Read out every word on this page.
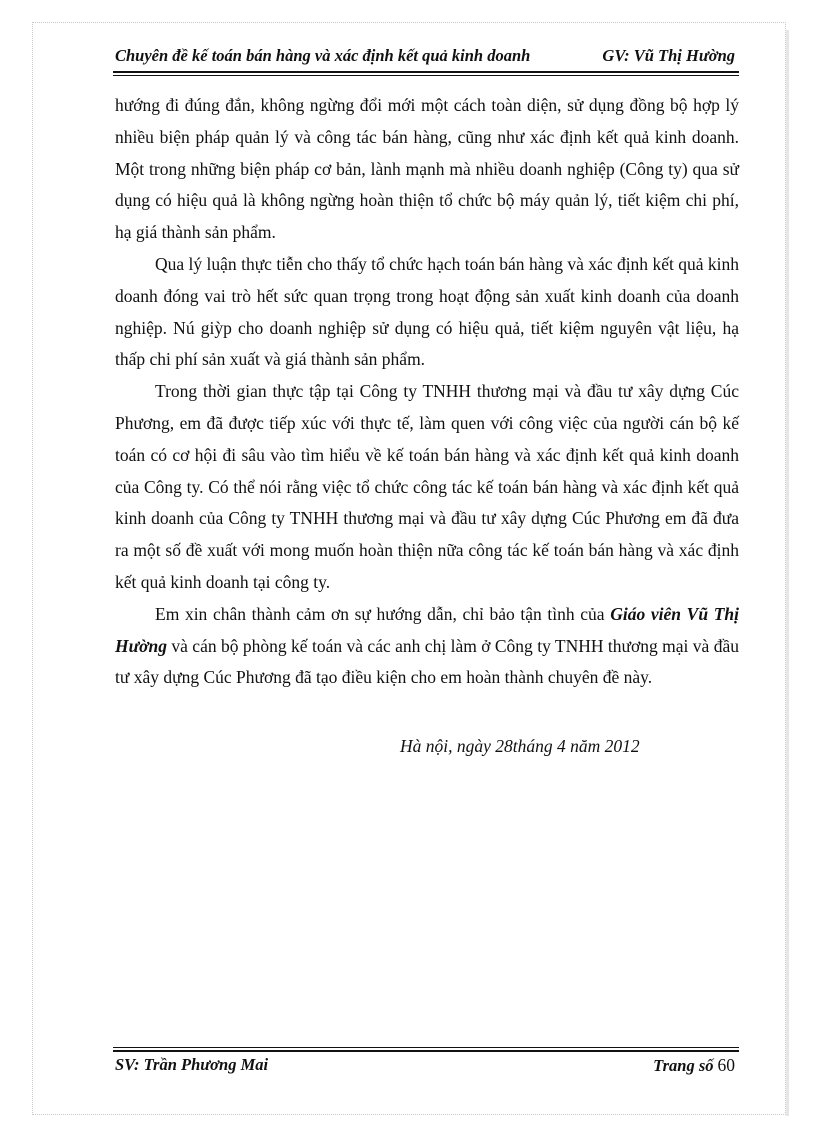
Chuyên đề kế toán bán hàng và xác định kết quả kinh doanh	GV: Vũ Thị Hường

hướng đi đúng đắn, không ngừng đổi mới một cách toàn diện, sử dụng đồng bộ hợp lý nhiều biện pháp quản lý và công tác bán hàng, cũng như xác định kết quả kinh doanh. Một trong những biện pháp cơ bản, lành mạnh mà nhiều doanh nghiệp (Công ty) qua sử dụng có hiệu quả là không ngừng hoàn thiện tổ chức bộ máy quản lý, tiết kiệm chi phí, hạ giá thành sản phẩm.

Qua lý luận thực tiễn cho thấy tổ chức hạch toán bán hàng và xác định kết quả kinh doanh đóng vai trò hết sức quan trọng trong hoạt động sản xuất kinh doanh của doanh nghiệp. Nú giỳp cho doanh nghiệp sử dụng có hiệu quả, tiết kiệm nguyên vật liệu, hạ thấp chi phí sản xuất và giá thành sản phẩm.

Trong thời gian thực tập tại Công ty TNHH thương mại và đầu tư xây dựng Cúc Phương, em đã được tiếp xúc với thực tế, làm quen với công việc của người cán bộ kế toán có cơ hội đi sâu vào tìm hiểu về kế toán bán hàng và xác định kết quả kinh doanh của Công ty. Có thể nói rằng việc tổ chức công tác kế toán bán hàng và xác định kết quả kinh doanh của Công ty TNHH thương mại và đầu tư xây dựng Cúc Phương em đã đưa ra một số đề xuất với mong muốn hoàn thiện nữa công tác kế toán bán hàng và xác định kết quả kinh doanh tại công ty.

Em xin chân thành cảm ơn sự hướng dẫn, chỉ bảo tận tình của Giáo viên Vũ Thị Hường và cán bộ phòng kế toán và các anh chị làm ở Công ty TNHH thương mại và đầu tư xây dựng Cúc Phương đã tạo điều kiện cho em hoàn thành chuyên đề này.

Hà nội, ngày 28tháng 4 năm 2012
SV: Trần Phương Mai	Trang số 60
